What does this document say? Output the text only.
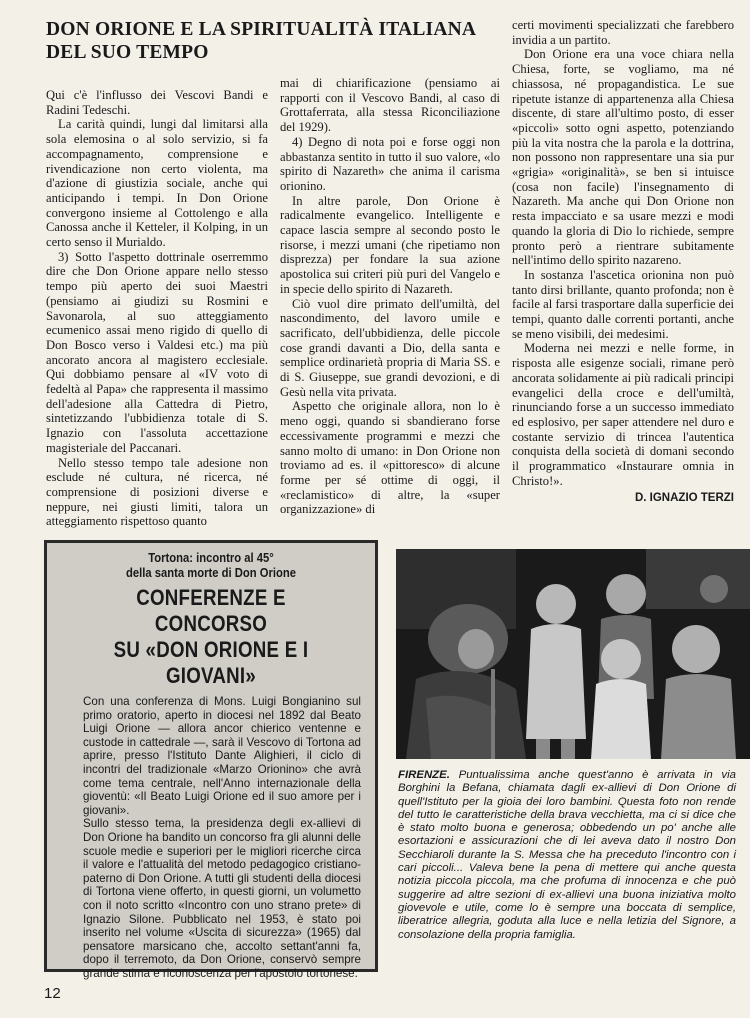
DON ORIONE E LA SPIRITUALITÀ ITALIANA DEL SUO TEMPO

Qui c'è l'influsso dei Vescovi Bandi e Radini Tedeschi.

La carità quindi, lungi dal limitarsi alla sola elemosina o al solo servizio, si fa accompagnamento, comprensione e rivendicazione non certo violenta, ma d'azione di giustizia sociale, anche qui anticipando i tempi. In Don Orione convergono insieme al Cottolengo e alla Canossa anche il Ketteler, il Kolping, in un certo senso il Murialdo.

3) Sotto l'aspetto dottrinale oserremmo dire che Don Orione appare nello stesso tempo più aperto dei suoi Maestri (pensiamo ai giudizi su Rosmini e Savonarola, al suo atteggiamento ecumenico assai meno rigido di quello di Don Bosco verso i Valdesi etc.) ma più ancorato ancora al magistero ecclesiale. Qui dobbiamo pensare al «IV voto di fedeltà al Papa» che rappresenta il massimo dell'adesione alla Cattedra di Pietro, sintetizzando l'ubbidienza totale di S. Ignazio con l'assoluta accettazione magisteriale del Paccanari.

Nello stesso tempo tale adesione non esclude né cultura, né ricerca, né comprensione di posizioni diverse e neppure, nei giusti limiti, talora un atteggiamento rispettoso quanto

mai di chiarificazione (pensiamo ai rapporti con il Vescovo Bandi, al caso di Grottaferrata, alla stessa Riconciliazione del 1929).

4) Degno di nota poi e forse oggi non abbastanza sentito in tutto il suo valore, «lo spirito di Nazareth» che anima il carisma orionino.

In altre parole, Don Orione è radicalmente evangelico. Intelligente e capace lascia sempre al secondo posto le risorse, i mezzi umani (che ripetiamo non disprezza) per fondare la sua azione apostolica sui criteri più puri del Vangelo e in specie dello spirito di Nazareth.

Ciò vuol dire primato dell'umiltà, del nascondimento, del lavoro umile e sacrificato, dell'ubbidienza, delle piccole cose grandi davanti a Dio, della santa e semplice ordinarietà propria di Maria SS. e di S. Giuseppe, sue grandi devozioni, e di Gesù nella vita privata.

Aspetto che originale allora, non lo è meno oggi, quando si sbandierano forse eccessivamente programmi e mezzi che sanno molto di umano: in Don Orione non troviamo ad es. il «pittoresco» di alcune forme per sé ottime di oggi, il «reclamistico» di altre, la «super organizzazione» di

certi movimenti specializzati che farebbero invidia a un partito.

Don Orione era una voce chiara nella Chiesa, forte, se vogliamo, ma né chiassosa, né propagandistica. Le sue ripetute istanze di appartenenza alla Chiesa discente, di stare all'ultimo posto, di esser «piccoli» sotto ogni aspetto, potenziando più la vita nostra che la parola e la dottrina, non possono non rappresentare una sia pur «grigia» «originalità», se ben si intuisce (cosa non facile) l'insegnamento di Nazareth. Ma anche qui Don Orione non resta impacciato e sa usare mezzi e modi quando la gloria di Dio lo richiede, sempre pronto però a rientrare subitamente nell'intimo dello spirito nazareno.

In sostanza l'ascetica orionina non può tanto dirsi brillante, quanto profonda; non è facile al farsi trasportare dalla superficie dei tempi, quanto dalle correnti portanti, anche se meno visibili, dei medesimi.

Moderna nei mezzi e nelle forme, in risposta alle esigenze sociali, rimane però ancorata solidamente ai più radicali principi evangelici della croce e dell'umiltà, rinunciando forse a un successo immediato ed esplosivo, per saper attendere nel duro e costante servizio di trincea l'autentica conquista della società di domani secondo il programmatico «Instaurare omnia in Christo!».

D. IGNAZIO TERZI
Tortona: incontro al 45°
della santa morte di Don Orione
CONFERENZE E CONCORSO
SU «DON ORIONE E I GIOVANI»

Con una conferenza di Mons. Luigi Bongianino sul primo oratorio, aperto in diocesi nel 1892 dal Beato Luigi Orione — allora ancor chierico ventenne e custode in cattedrale —, sarà il Vescovo di Tortona ad aprire, presso l'Istituto Dante Alighieri, il ciclo di incontri del tradizionale «Marzo Orionino» che avrà come tema centrale, nell'Anno internazionale della gioventù: «Il Beato Luigi Orione ed il suo amore per i giovani».

Sullo stesso tema, la presidenza degli ex-allievi di Don Orione ha bandito un concorso fra gli alunni delle scuole medie e superiori per le migliori ricerche circa il valore e l'attualità del metodo pedagogico cristiano-paterno di Don Orione. A tutti gli studenti della diocesi di Tortona viene offerto, in questi giorni, un volumetto con il noto scritto «Incontro con uno strano prete» di Ignazio Silone. Pubblicato nel 1953, è stato poi inserito nel volume «Uscita di sicurezza» (1965) dal pensatore marsicano che, accolto settant'anni fa, dopo il terremoto, da Don Orione, conservò sempre grande stima e riconoscenza per l'apostolo tortonese.

FIRENZE. Puntualissima anche quest'anno è arrivata in via Borghini la Befana, chiamata dagli ex-allievi di Don Orione di quell'Istituto per la gioia dei loro bambini. Questa foto non rende del tutto le caratteristiche della brava vecchietta, ma ci si dice che è stato molto buona e generosa; obbedendo un po' anche alle esortazioni e assicurazioni che di lei aveva dato il nostro Don Secchiaroli durante la S. Messa che ha preceduto l'incontro con i cari piccoli... Valeva bene la pena di mettere qui anche questa notizia piccola piccola, ma che profuma di innocenza e che può suggerire ad altre sezioni di ex-allievi una buona iniziativa molto giovevole e utile, come lo è sempre una boccata di semplice, liberatrice allegria, goduta alla luce e nella letizia del Signore, a consolazione della propria famiglia.
12
